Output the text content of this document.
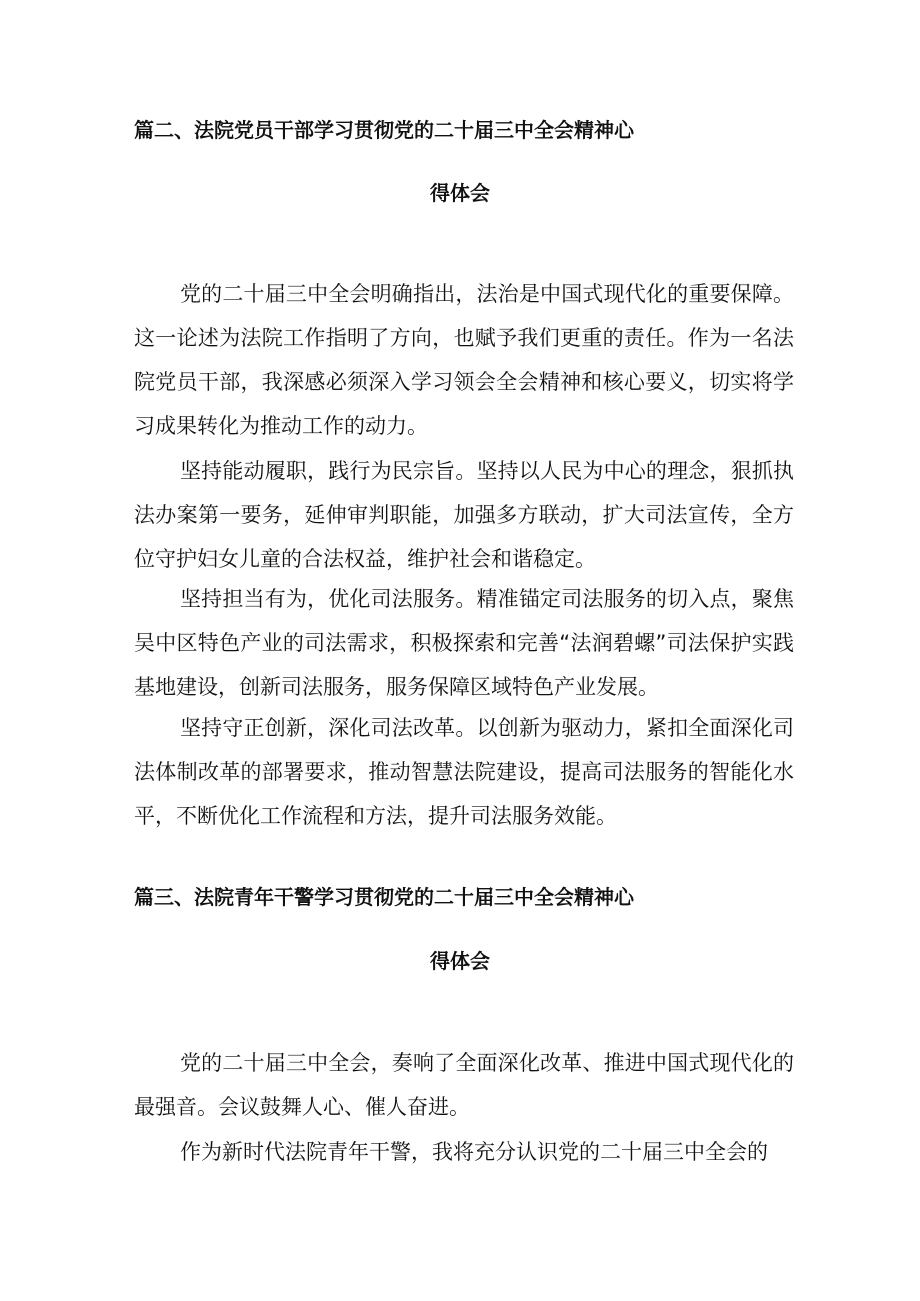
篇二、法院党员干部学习贯彻党的二十届三中全会精神心
得体会

党的二十届三中全会明确指出，法治是中国式现代化的重要保障。这一论述为法院工作指明了方向，也赋予我们更重的责任。作为一名法院党员干部，我深感必须深入学习领会全会精神和核心要义，切实将学习成果转化为推动工作的动力。

坚持能动履职，践行为民宗旨。坚持以人民为中心的理念，狠抓执法办案第一要务，延伸审判职能，加强多方联动，扩大司法宣传，全方位守护妇女儿童的合法权益，维护社会和谐稳定。

坚持担当有为，优化司法服务。精准锚定司法服务的切入点，聚焦吴中区特色产业的司法需求，积极探索和完善“法润碧螺”司法保护实践基地建设，创新司法服务，服务保障区域特色产业发展。

坚持守正创新，深化司法改革。以创新为驱动力，紧扣全面深化司法体制改革的部署要求，推动智慧法院建设，提高司法服务的智能化水平，不断优化工作流程和方法，提升司法服务效能。

篇三、法院青年干警学习贯彻党的二十届三中全会精神心
得体会

党的二十届三中全会，奏响了全面深化改革、推进中国式现代化的最强音。会议鼓舞人心、催人奋进。

作为新时代法院青年干警，我将充分认识党的二十届三中全会的
